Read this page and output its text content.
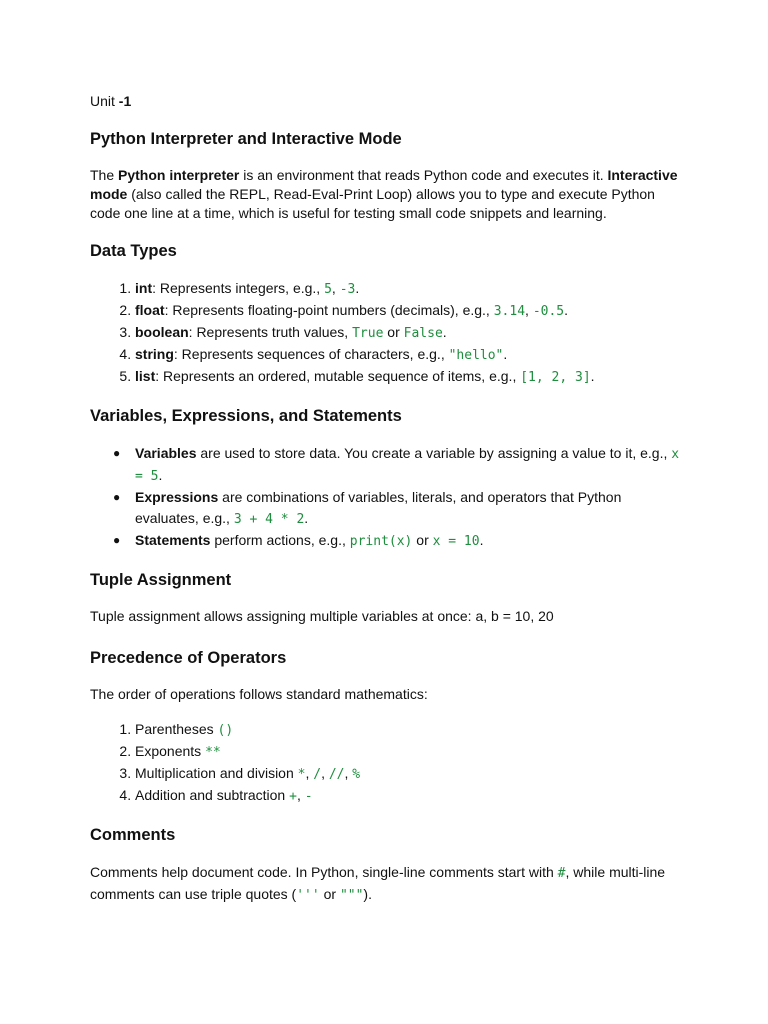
Unit -1
Python Interpreter and Interactive Mode

The Python interpreter is an environment that reads Python code and executes it. Interactive mode (also called the REPL, Read-Eval-Print Loop) allows you to type and execute Python code one line at a time, which is useful for testing small code snippets and learning.

Data Types
1. int: Represents integers, e.g., 5, -3.
2. float: Represents floating-point numbers (decimals), e.g., 3.14, -0.5.
3. boolean: Represents truth values, True or False.
4. string: Represents sequences of characters, e.g., "hello".
5. list: Represents an ordered, mutable sequence of items, e.g., [1, 2, 3].
Variables, Expressions, and Statements
● Variables are used to store data. You create a variable by assigning a value to it, e.g., x = 5.
● Expressions are combinations of variables, literals, and operators that Python evaluates, e.g., 3 + 4 * 2.
● Statements perform actions, e.g., print(x) or x = 10.
Tuple Assignment

Tuple assignment allows assigning multiple variables at once: a, b = 10, 20

Precedence of Operators

The order of operations follows standard mathematics:

1. Parentheses ()
2. Exponents **
3. Multiplication and division *, /, //, %
4. Addition and subtraction +, -
Comments

Comments help document code. In Python, single-line comments start with #, while multi-line comments can use triple quotes (''' or """).
